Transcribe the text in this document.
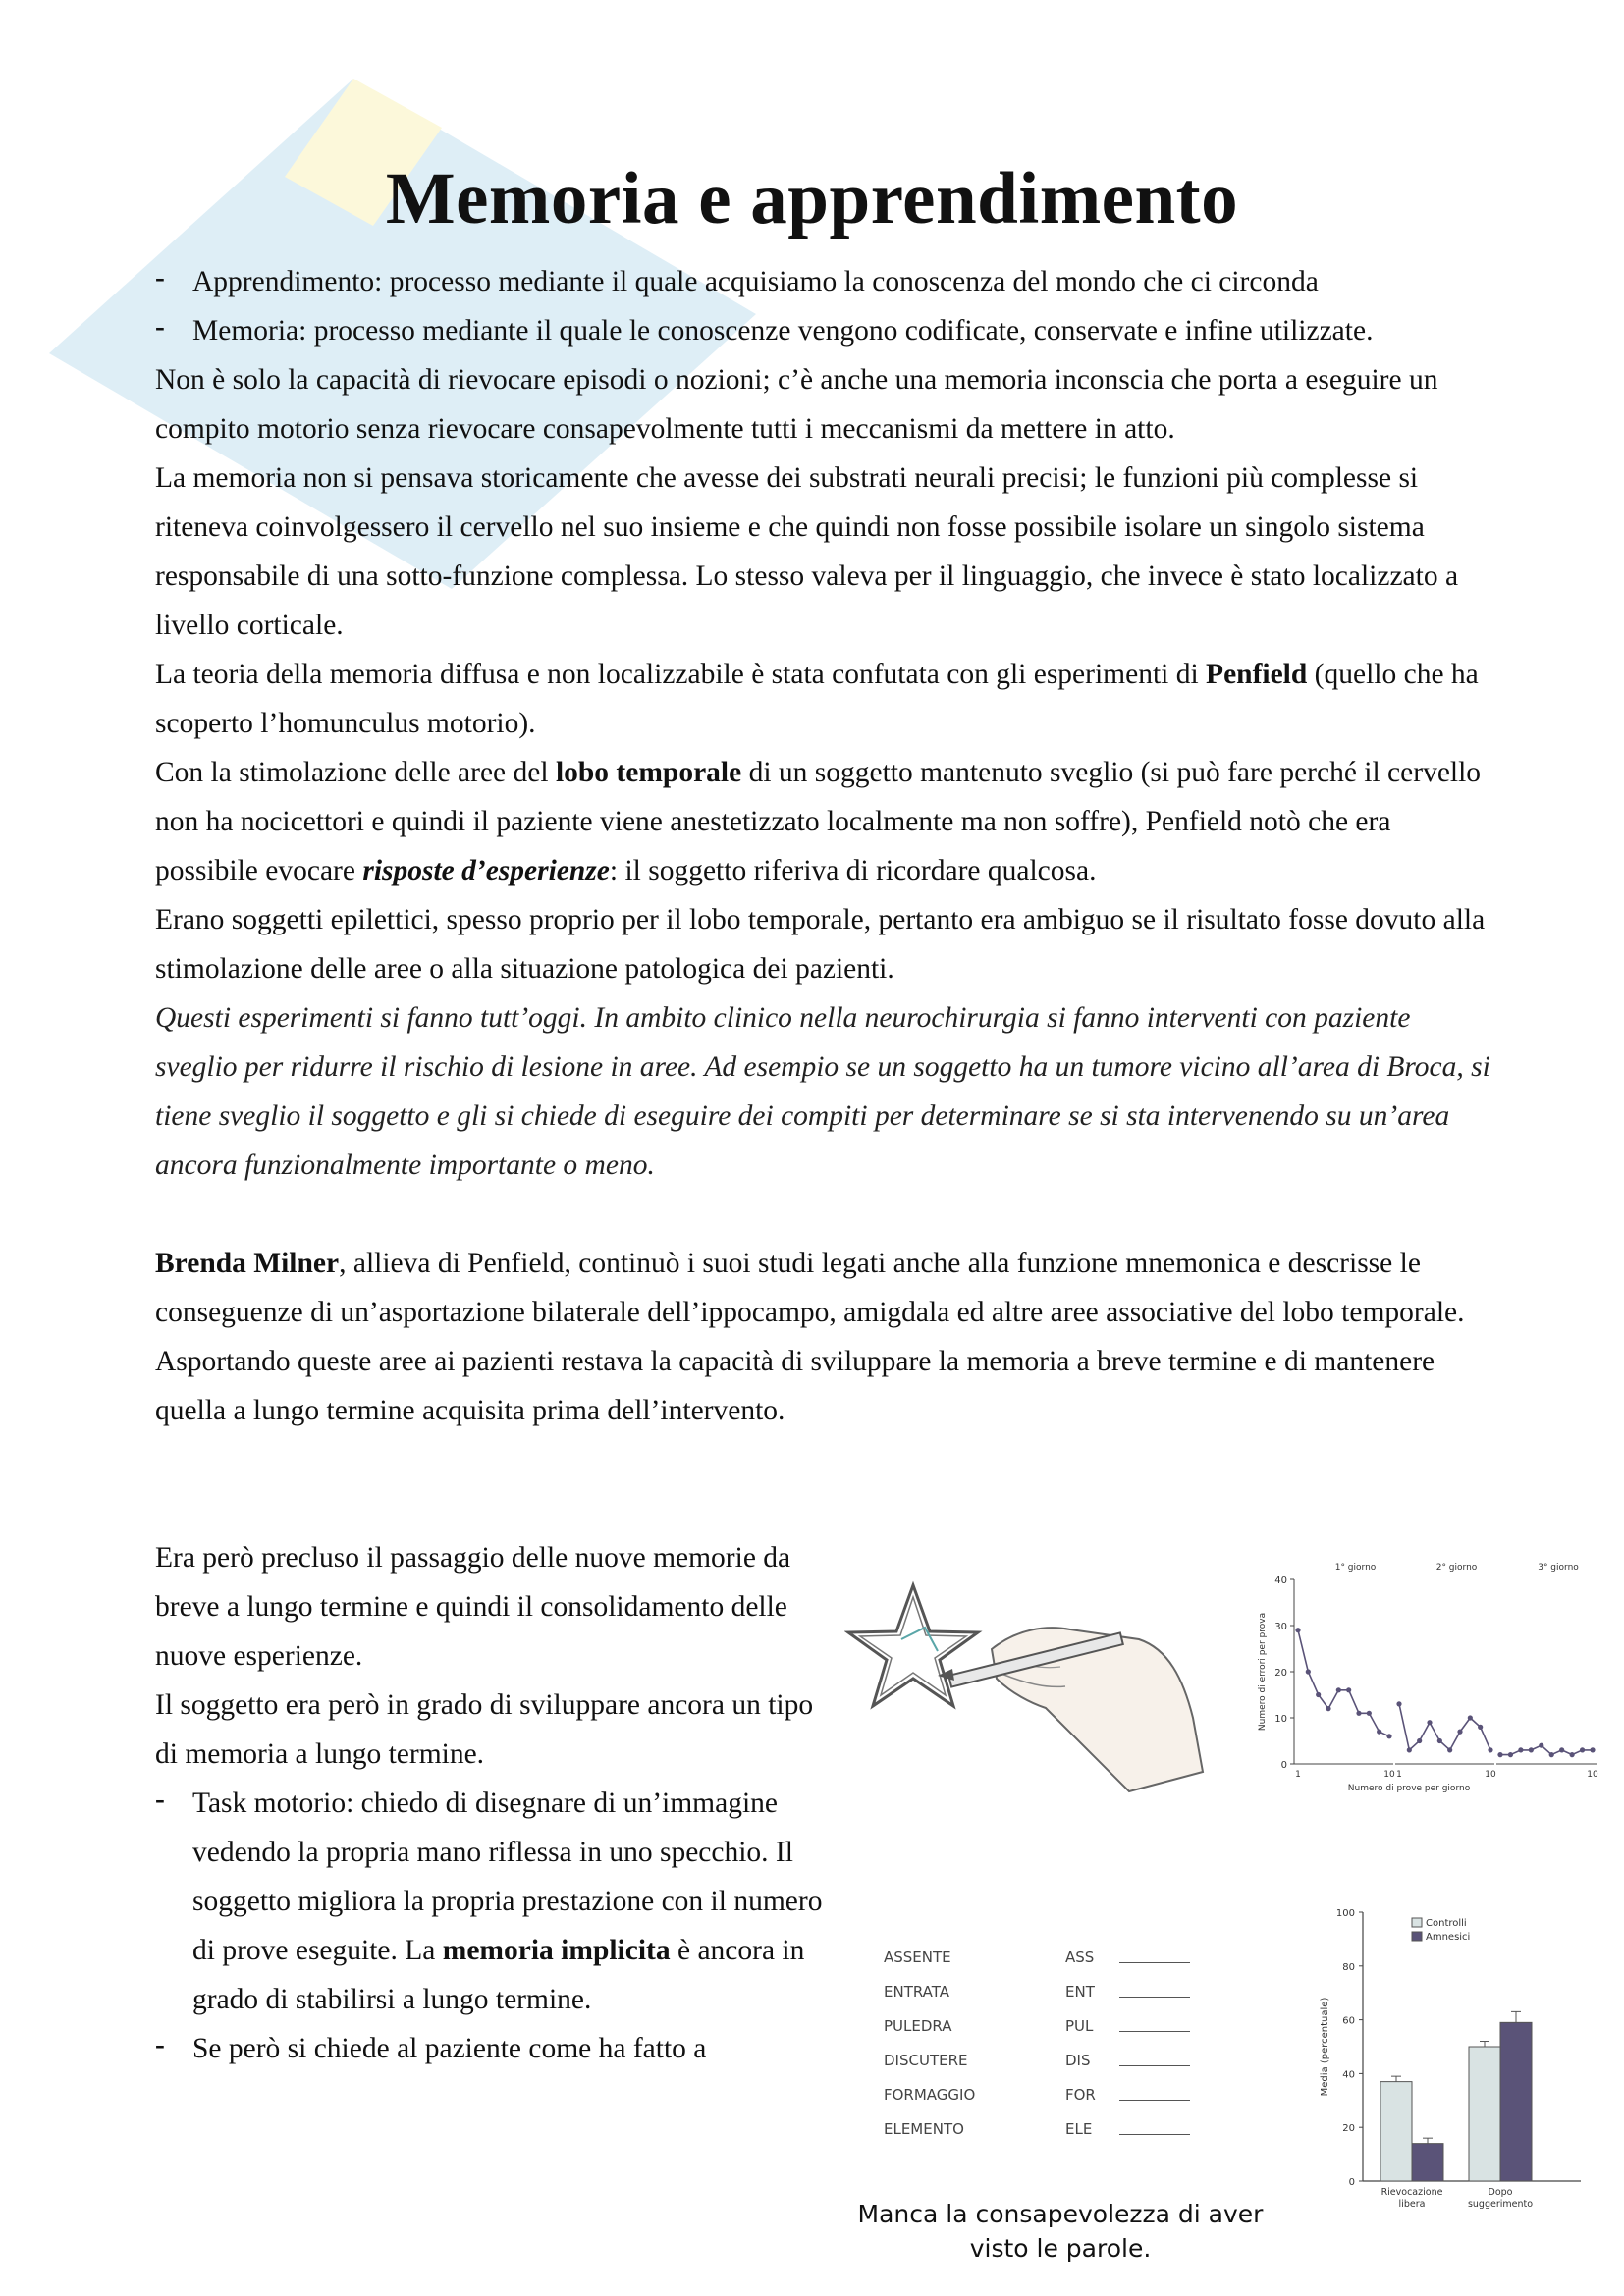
Memoria e apprendimento

- Apprendimento: processo mediante il quale acquisiamo la conoscenza del mondo che ci circonda

- Memoria: processo mediante il quale le conoscenze vengono codificate, conservate e infine utilizzate.

Non è solo la capacità di rievocare episodi o nozioni; c’è anche una memoria inconscia che porta a eseguire un compito motorio senza rievocare consapevolmente tutti i meccanismi da mettere in atto.

La memoria non si pensava storicamente che avesse dei substrati neurali precisi; le funzioni più complesse si riteneva coinvolgessero il cervello nel suo insieme e che quindi non fosse possibile isolare un singolo sistema responsabile di una sotto-funzione complessa. Lo stesso valeva per il linguaggio, che invece è stato localizzato a livello corticale.

La teoria della memoria diffusa e non localizzabile è stata confutata con gli esperimenti di Penfield (quello che ha scoperto l’homunculus motorio).

Con la stimolazione delle aree del lobo temporale di un soggetto mantenuto sveglio (si può fare perché il cervello non ha nocicettori e quindi il paziente viene anestetizzato localmente ma non soffre), Penfield notò che era possibile evocare risposte d’esperienze: il soggetto riferiva di ricordare qualcosa.

Erano soggetti epilettici, spesso proprio per il lobo temporale, pertanto era ambiguo se il risultato fosse dovuto alla stimolazione delle aree o alla situazione patologica dei pazienti.

Questi esperimenti si fanno tutt’oggi. In ambito clinico nella neurochirurgia si fanno interventi con paziente sveglio per ridurre il rischio di lesione in aree. Ad esempio se un soggetto ha un tumore vicino all’area di Broca, si tiene sveglio il soggetto e gli si chiede di eseguire dei compiti per determinare se si sta intervenendo su un’area ancora funzionalmente importante o meno.

Brenda Milner, allieva di Penfield, continuò i suoi studi legati anche alla funzione mnemonica e descrisse le conseguenze di un’asportazione bilaterale dell’ippocampo, amigdala ed altre aree associative del lobo temporale. Asportando queste aree ai pazienti restava la capacità di sviluppare la memoria a breve termine e di mantenere quella a lungo termine acquisita prima dell’intervento.

Era però precluso il passaggio delle nuove memorie da breve a lungo termine e quindi il consolidamento delle nuove esperienze.

Il soggetto era però in grado di sviluppare ancora un tipo di memoria a lungo termine.

- Task motorio: chiedo di disegnare di un’immagine vedendo la propria mano riflessa in uno specchio. Il soggetto migliora la propria prestazione con il numero di prove eseguite. La memoria implicita è ancora in grado di stabilirsi a lungo termine.

- Se però si chiede al paziente come ha fatto a

0
10
20
30
40
Numero di errori per prova
1° giorno
1	10
2° giorno
1	10
3° giorno
10
Numero di prove per giorno
ASSENTE	ASS
ENTRATA	ENT
PULEDRA	PUL
DISCUTERE	DIS
FORMAGGIO	FOR
ELEMENTO	ELE
0
20
40
60
80
100
Media (percentuale)
Rievocazione
libera
Dopo
suggerimento
Controlli
Amnesici
Manca la consapevolezza di aver
visto le parole.
